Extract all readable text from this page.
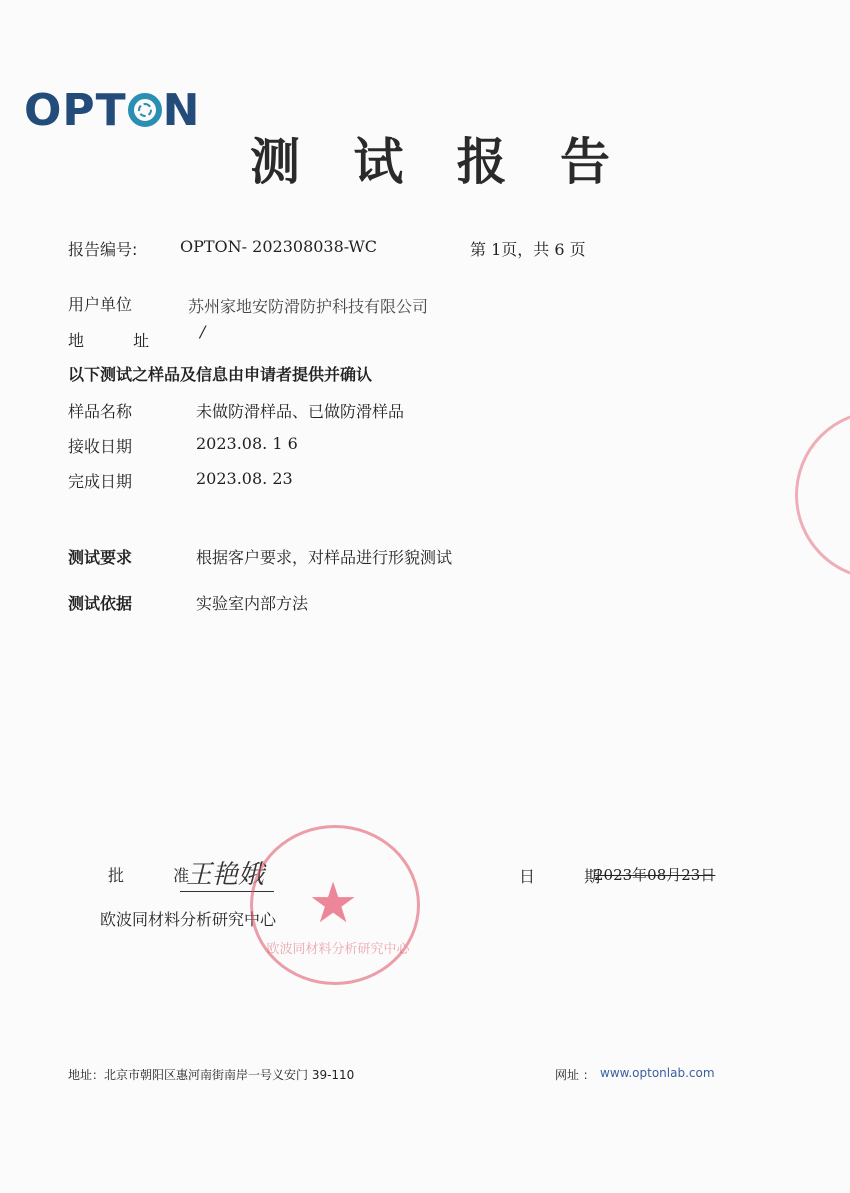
OPT N
测 试 报 告
报告编号:	OPTON- 202308038-WC	第 1页，共 6 页
用户单位	苏州家地安防滑防护科技有限公司
地 址 /
以下测试之样品及信息由申请者提供并确认
样品名称	未做防滑样品、已做防滑样品
接收日期	2023.08. 1 6
完成日期	2023.08. 23
测试要求	根据客户要求，对样品进行形貌测试
测试依据	实验室内部方法
批 准
王艳娥
欧波同材料分析研究中心
日 期
2023年08月23日
★
欧波同材料分析研究中心
地址：北京市朝阳区惠河南街南岸一号义安门 39-110	网址 ： www.optonlab.com
